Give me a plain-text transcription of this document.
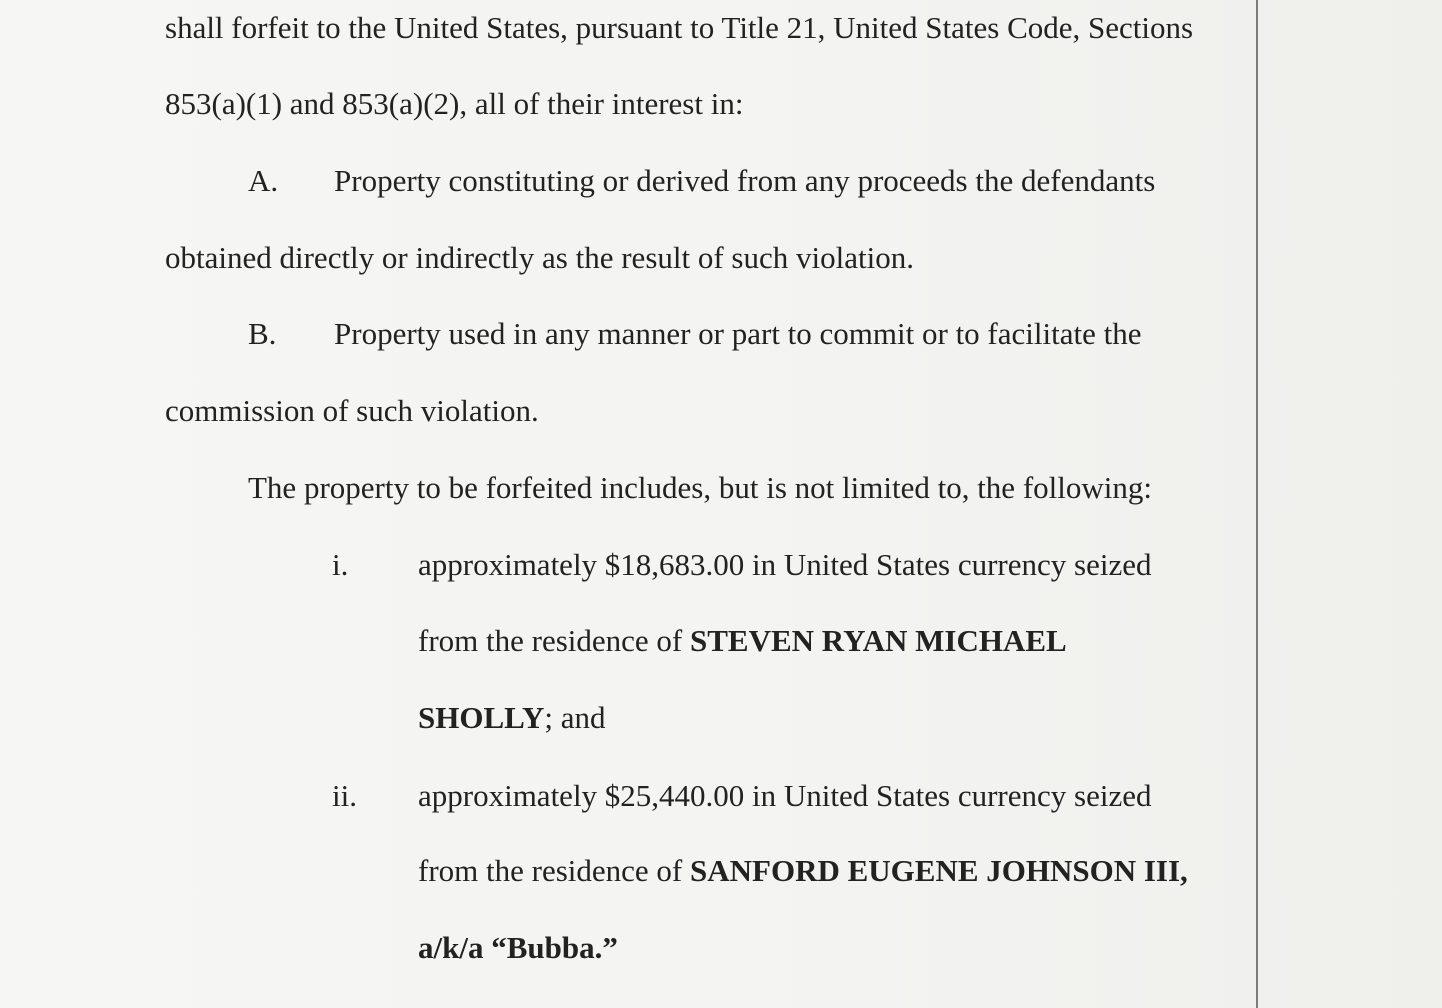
shall forfeit to the United States, pursuant to Title 21, United States Code, Sections
853(a)(1) and 853(a)(2), all of their interest in:
A. Property constituting or derived from any proceeds the defendants
obtained directly or indirectly as the result of such violation.
B. Property used in any manner or part to commit or to facilitate the
commission of such violation.
The property to be forfeited includes, but is not limited to, the following:
i. approximately $18,683.00 in United States currency seized
from the residence of STEVEN RYAN MICHAEL
SHOLLY; and
ii. approximately $25,440.00 in United States currency seized
from the residence of SANFORD EUGENE JOHNSON III,
a/k/a “Bubba.”
